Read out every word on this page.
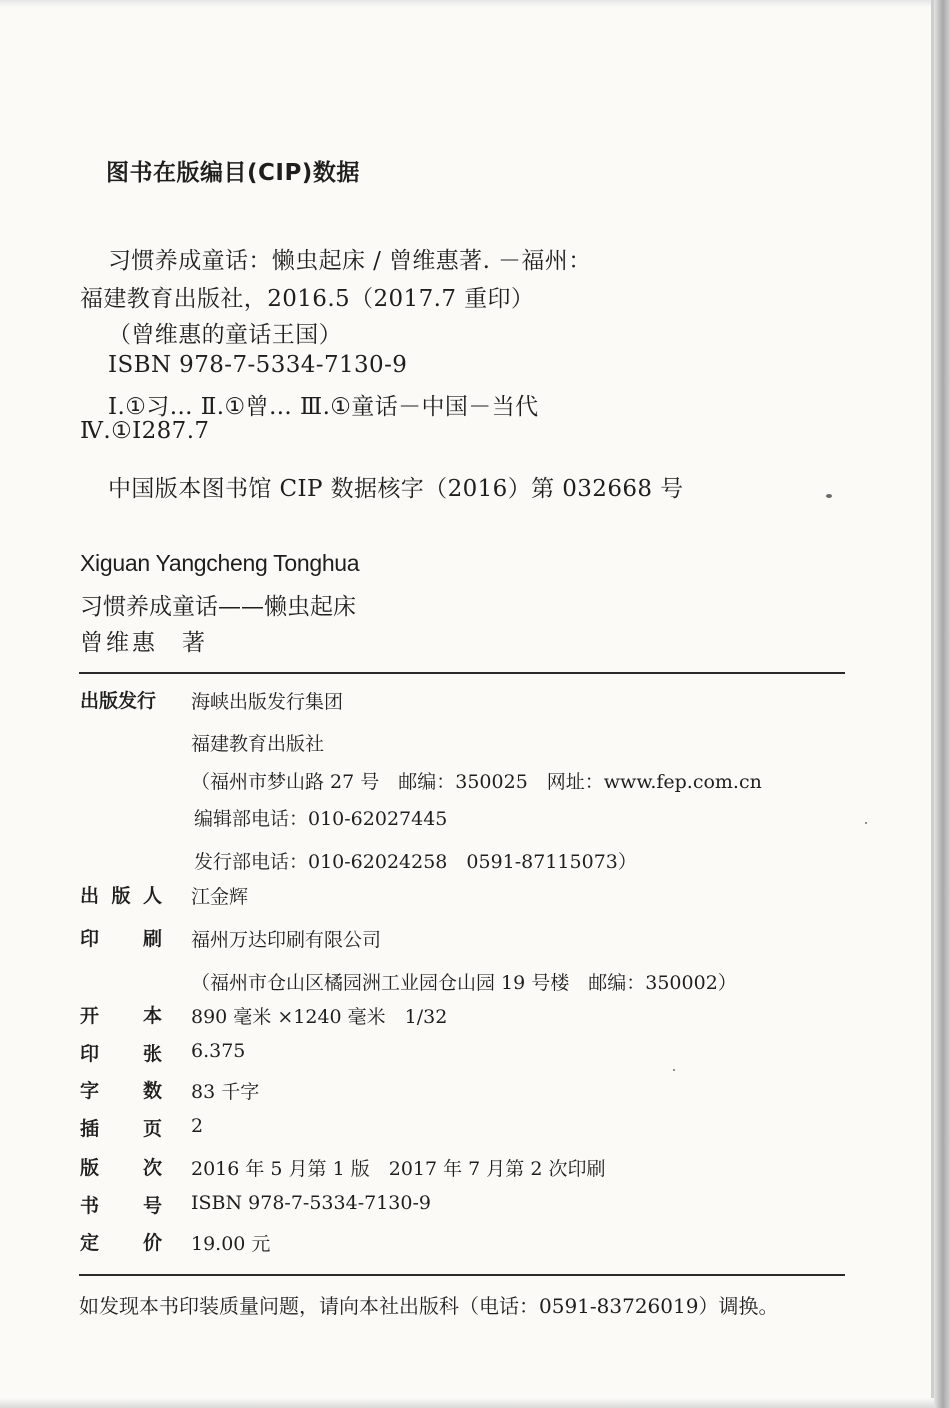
图书在版编目(CIP)数据
习惯养成童话：懒虫起床 / 曾维惠著. －福州：
福建教育出版社，2016.5（2017.7 重印）
（曾维惠的童话王国）
ISBN 978-7-5334-7130-9
Ⅰ.①习… Ⅱ.①曾… Ⅲ.①童话－中国－当代
Ⅳ.①I287.7
中国版本图书馆 CIP 数据核字（2016）第 032668 号
Xiguan Yangcheng Tonghua
习惯养成童话——懒虫起床
曾维惠 著
出版发行 海峡出版发行集团
福建教育出版社
（福州市梦山路 27 号　邮编：350025　网址：www.fep.com.cn
编辑部电话：010-62027445
发行部电话：010-62024258　0591-87115073）
出 版 人 江金辉
印 刷 福州万达印刷有限公司
（福州市仓山区橘园洲工业园仓山园 19 号楼　邮编：350002）
开 本 890 毫米 ×1240 毫米　1/32
印 张 6.375
字 数 83 千字
插 页 2
版 次 2016 年 5 月第 1 版　2017 年 7 月第 2 次印刷
书 号 ISBN 978-7-5334-7130-9
定 价 19.00 元
如发现本书印装质量问题，请向本社出版科（电话：0591-83726019）调换。
